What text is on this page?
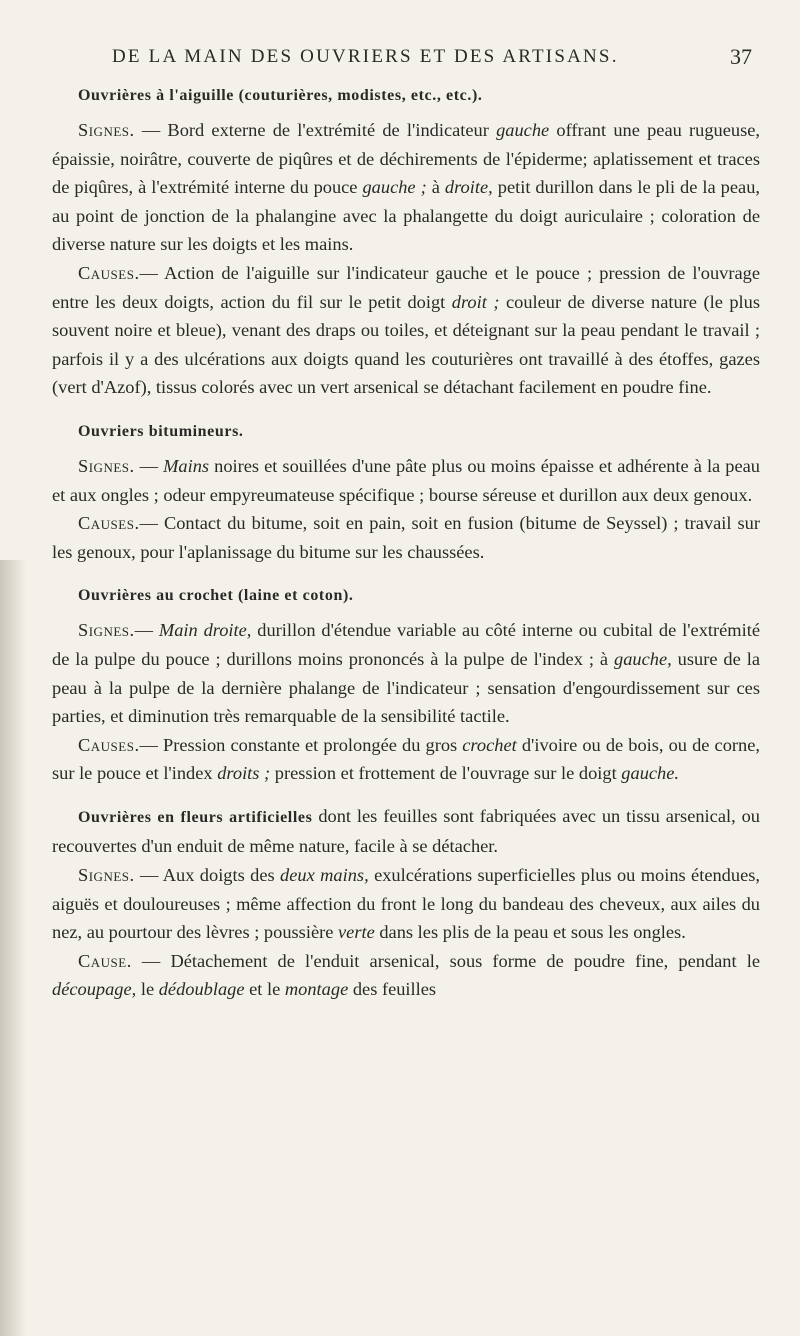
DE LA MAIN DES OUVRIERS ET DES ARTISANS.	37
Ouvrières à l'aiguille (couturières, modistes, etc., etc.).

Signes. — Bord externe de l'extrémité de l'indicateur gauche offrant une peau rugueuse, épaissie, noirâtre, couverte de piqûres et de déchirements de l'épiderme; aplatissement et traces de piqûres, à l'extrémité interne du pouce gauche ; à droite, petit durillon dans le pli de la peau, au point de jonction de la phalangine avec la phalangette du doigt auriculaire ; coloration de diverse nature sur les doigts et les mains.

Causes.— Action de l'aiguille sur l'indicateur gauche et le pouce ; pression de l'ouvrage entre les deux doigts, action du fil sur le petit doigt droit ; couleur de diverse nature (le plus souvent noire et bleue), venant des draps ou toiles, et déteignant sur la peau pendant le travail ; parfois il y a des ulcérations aux doigts quand les couturières ont travaillé à des étoffes, gazes (vert d'Azof), tissus colorés avec un vert arsenical se détachant facilement en poudre fine.

Ouvriers bitumineurs.

Signes. — Mains noires et souillées d'une pâte plus ou moins épaisse et adhérente à la peau et aux ongles ; odeur empyreumateuse spécifique ; bourse séreuse et durillon aux deux genoux.

Causes.— Contact du bitume, soit en pain, soit en fusion (bitume de Seyssel) ; travail sur les genoux, pour l'aplanissage du bitume sur les chaussées.

Ouvrières au crochet (laine et coton).

Signes.— Main droite, durillon d'étendue variable au côté interne ou cubital de l'extrémité de la pulpe du pouce ; durillons moins prononcés à la pulpe de l'index ; à gauche, usure de la peau à la pulpe de la dernière phalange de l'indicateur ; sensation d'engourdissement sur ces parties, et diminution très remarquable de la sensibilité tactile.

Causes.— Pression constante et prolongée du gros crochet d'ivoire ou de bois, ou de corne, sur le pouce et l'index droits ; pression et frottement de l'ouvrage sur le doigt gauche.

Ouvrières en fleurs artificielles dont les feuilles sont fabriquées avec un tissu arsenical, ou recouvertes d'un enduit de même nature, facile à se détacher.

Signes. — Aux doigts des deux mains, exulcérations superficielles plus ou moins étendues, aiguës et douloureuses ; même affection du front le long du bandeau des cheveux, aux ailes du nez, au pourtour des lèvres ; poussière verte dans les plis de la peau et sous les ongles.

Cause. — Détachement de l'enduit arsenical, sous forme de poudre fine, pendant le découpage, le dédoublage et le montage des feuilles
